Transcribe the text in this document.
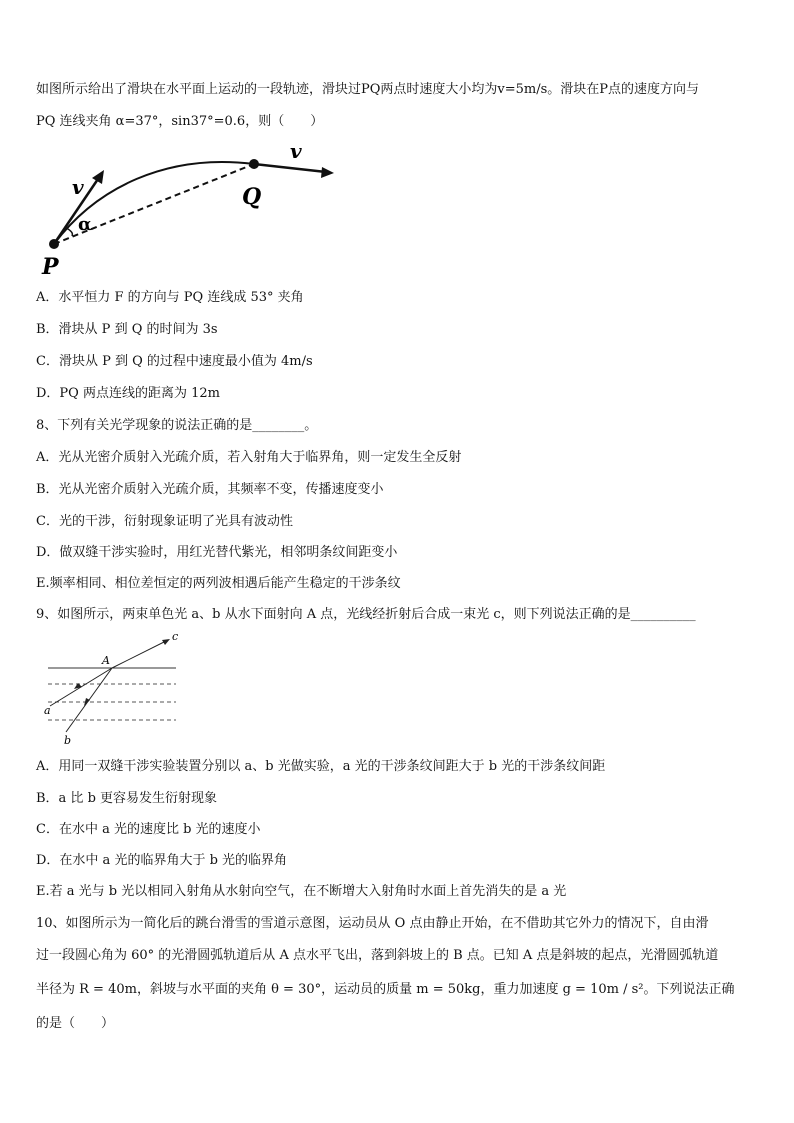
如图所示给出了滑块在水平面上运动的一段轨迹，滑块过PQ两点时速度大小均为v=5m/s。滑块在P点的速度方向与
PQ 连线夹角 α=37°，sin37°=0.6，则（　　）
v
α
P
Q
v
A．水平恒力 F 的方向与 PQ 连线成 53° 夹角
B．滑块从 P 到 Q 的时间为 3s
C．滑块从 P 到 Q 的过程中速度最小值为 4m/s
D．PQ 两点连线的距离为 12m
8、下列有关光学现象的说法正确的是________。
A．光从光密介质射入光疏介质，若入射角大于临界角，则一定发生全反射
B．光从光密介质射入光疏介质，其频率不变，传播速度变小
C．光的干涉，衍射现象证明了光具有波动性
D．做双缝干涉实验时，用红光替代紫光，相邻明条纹间距变小
E.频率相同、相位差恒定的两列波相遇后能产生稳定的干涉条纹
9、如图所示，两束单色光 a、b 从水下面射向 A 点，光线经折射后合成一束光 c，则下列说法正确的是__________
A
a
b
c
A．用同一双缝干涉实验装置分别以 a、b 光做实验，a 光的干涉条纹间距大于 b 光的干涉条纹间距
B．a 比 b 更容易发生衍射现象
C．在水中 a 光的速度比 b 光的速度小
D．在水中 a 光的临界角大于 b 光的临界角
E.若 a 光与 b 光以相同入射角从水射向空气，在不断增大入射角时水面上首先消失的是 a 光
10、如图所示为一简化后的跳台滑雪的雪道示意图，运动员从 O 点由静止开始，在不借助其它外力的情况下，自由滑
过一段圆心角为 60° 的光滑圆弧轨道后从 A 点水平飞出，落到斜坡上的 B 点。已知 A 点是斜坡的起点，光滑圆弧轨道
半径为 R = 40m，斜坡与水平面的夹角 θ = 30°，运动员的质量 m = 50kg，重力加速度 g = 10m / s²。下列说法正确
的是（　　）
